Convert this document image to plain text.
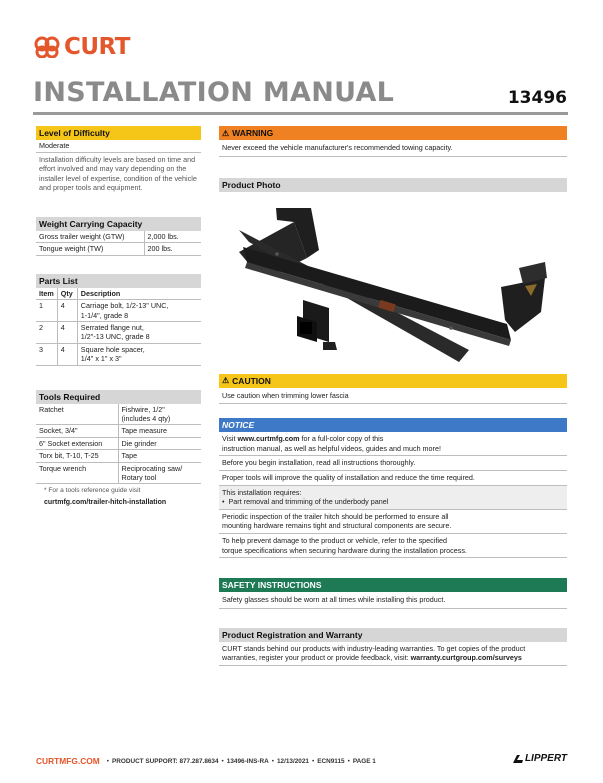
CURT
INSTALLATION MANUAL	13496
Level of Difficulty
Moderate
Installation difficulty levels are based on time and effort involved and may vary depending on the installer level of expertise, condition of the vehicle and proper tools and equipment.
Weight Carrying Capacity
Gross trailer weight (GTW)	2,000 lbs.
Tongue weight (TW)	200 lbs.
Parts List
Item	Qty	Description
1	4	Carriage bolt, 1/2-13" UNC,
1-1/4", grade 8

2	4	Serrated flange nut,
1/2"-13 UNC, grade 8

3	4	Square hole spacer,
1/4" x 1" x 3"
Tools Required
Ratchet	Fishwire, 1/2"
(includes 4 qty)

Socket, 3/4"	Tape measure
6" Socket extension	Die grinder
Torx bit, T-10, T-25	Tape
Torque wrench	Reciprocating saw/
Rotary tool
* For a tools reference guide visit
curtmfg.com/trailer-hitch-installation
⚠ WARNING
Never exceed the vehicle manufacturer's recommended towing capacity.
Product Photo
⚠ CAUTION
Use caution when trimming lower fascia
NOTICE
Visit www.curtmfg.com for a full-color copy of this
instruction manual, as well as helpful videos, guides and much more!
Before you begin installation, read all instructions thoroughly.
Proper tools will improve the quality of installation and reduce the time required.
This installation requires:
•  Part removal and trimming of the underbody panel
Periodic inspection of the trailer hitch should be performed to ensure all
mounting hardware remains tight and structural components are secure.
To help prevent damage to the product or vehicle, refer to the specified
torque specifications when securing hardware during the installation process.
SAFETY INSTRUCTIONS
Safety glasses should be worn at all times while installing this product.
Product Registration and Warranty
CURT stands behind our products with industry-leading warranties. To get copies of the product
warranties, register your product or provide feedback, visit: warranty.curtgroup.com/surveys
CURTMFG.COM • PRODUCT SUPPORT: 877.287.8634 • 13496-INS-RA • 12/13/2021 • ECN9115 • PAGE 1	LIPPERT
